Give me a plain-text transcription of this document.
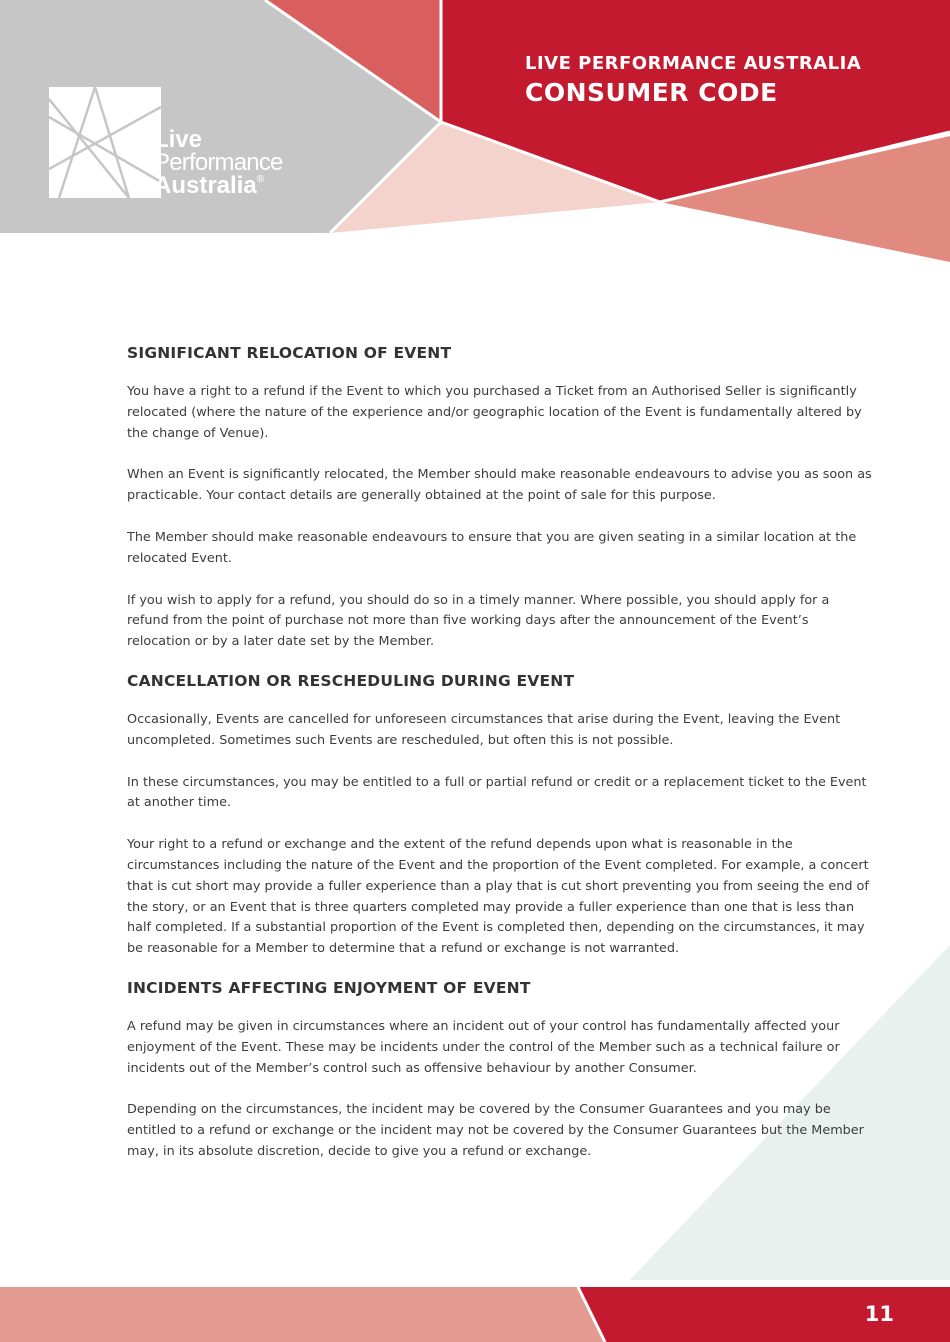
LIVE PERFORMANCE AUSTRALIA
CONSUMER CODE
Live
Performance
Australia®
SIGNIFICANT RELOCATION OF EVENT

You have a right to a refund if the Event to which you purchased a Ticket from an Authorised Seller is significantly relocated (where the nature of the experience and/or geographic location of the Event is fundamentally altered by the change of Venue).

When an Event is significantly relocated, the Member should make reasonable endeavours to advise you as soon as practicable. Your contact details are generally obtained at the point of sale for this purpose.

The Member should make reasonable endeavours to ensure that you are given seating in a similar location at the relocated Event.

If you wish to apply for a refund, you should do so in a timely manner. Where possible, you should apply for a refund from the point of purchase not more than five working days after the announcement of the Event’s relocation or by a later date set by the Member.

CANCELLATION OR RESCHEDULING DURING EVENT

Occasionally, Events are cancelled for unforeseen circumstances that arise during the Event, leaving the Event uncompleted. Sometimes such Events are rescheduled, but often this is not possible.

In these circumstances, you may be entitled to a full or partial refund or credit or a replacement ticket to the Event at another time.

Your right to a refund or exchange and the extent of the refund depends upon what is reasonable in the circumstances including the nature of the Event and the proportion of the Event completed. For example, a concert that is cut short may provide a fuller experience than a play that is cut short preventing you from seeing the end of the story, or an Event that is three quarters completed may provide a fuller experience than one that is less than half completed. If a substantial proportion of the Event is completed then, depending on the circumstances, it may be reasonable for a Member to determine that a refund or exchange is not warranted.

INCIDENTS AFFECTING ENJOYMENT OF EVENT

A refund may be given in circumstances where an incident out of your control has fundamentally affected your enjoyment of the Event. These may be incidents under the control of the Member such as a technical failure or incidents out of the Member’s control such as offensive behaviour by another Consumer.

Depending on the circumstances, the incident may be covered by the Consumer Guarantees and you may be entitled to a refund or exchange or the incident may not be covered by the Consumer Guarantees but the Member may, in its absolute discretion, decide to give you a refund or exchange.

11
